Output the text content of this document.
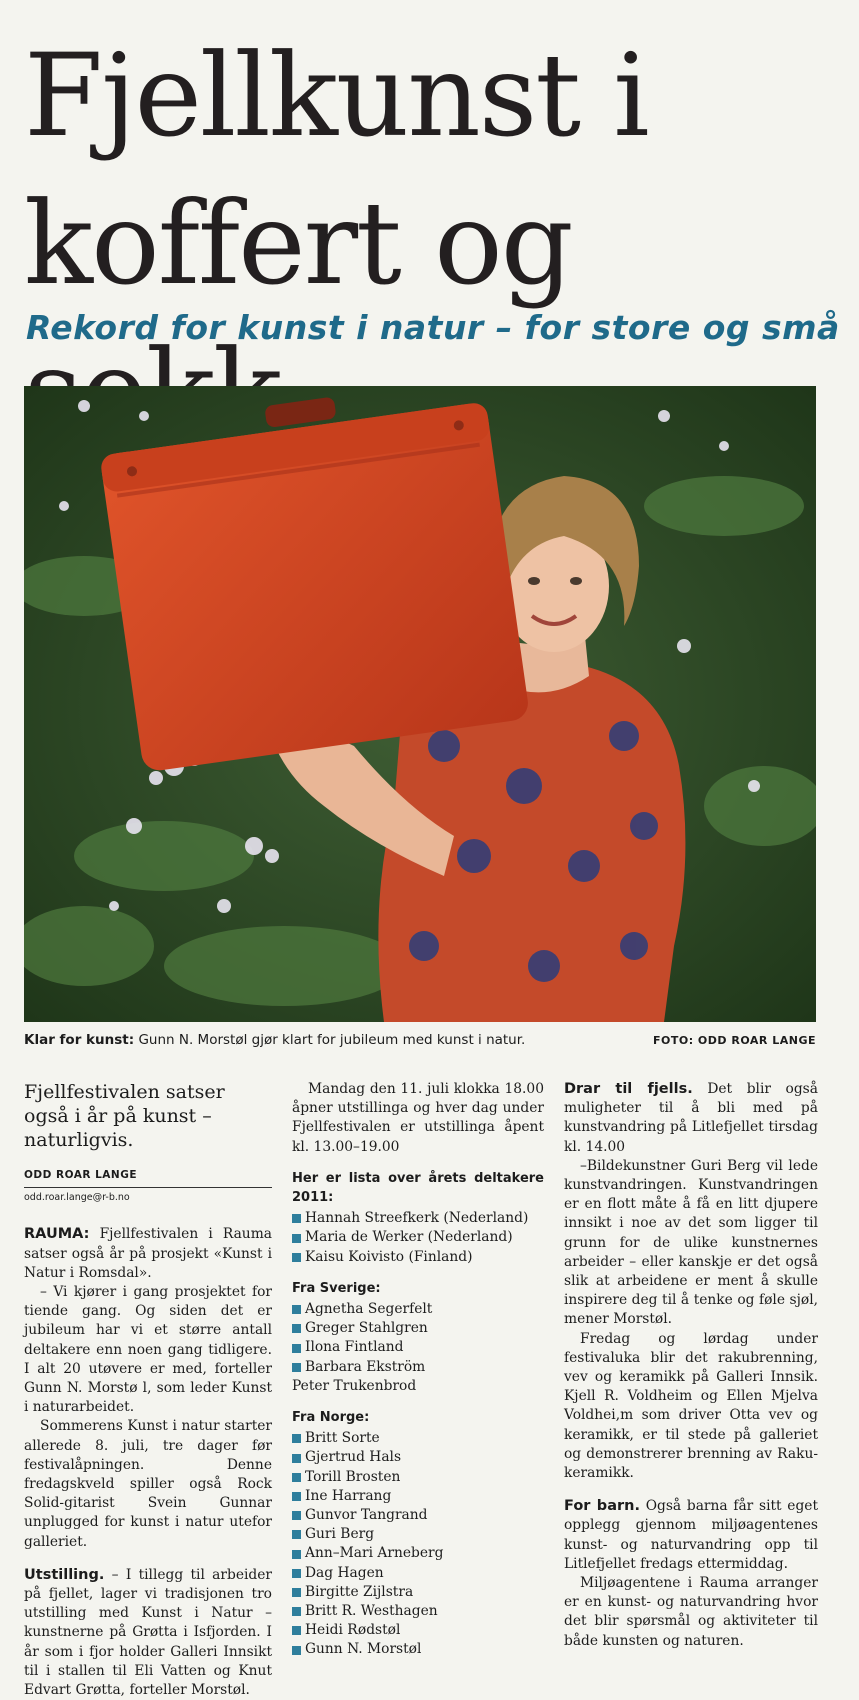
Fjellkunst i
koffert og
Rekord for kunst i natur – for store og små
Klar for kunst: Gunn N. Morstøl gjør klart for jubileum med kunst i natur.	FOTO: ODD ROAR LANGE

Fjellfestivalen satser også i år på kunst – naturligvis.

ODD ROAR LANGE

odd.roar.lange@r-b.no

RAUMA: Fjellfestivalen i Rauma satser også år på prosjekt «Kunst i Natur i Romsdal».

– Vi kjører i gang prosjektet for tiende gang. Og siden det er jubileum har vi et større antall deltakere enn noen gang tidligere. I alt 20 utøvere er med, forteller Gunn N. Morstø l, som leder Kunst i naturarbeidet.

Sommerens Kunst i natur starter allerede 8. juli, tre dager før festivalåpningen. Denne fredagskveld spiller også Rock Solid-gitarist Svein Gunnar unplugged for kunst i natur utefor galleriet.

Utstilling. – I tillegg til arbeider på fjellet, lager vi tradisjonen tro utstilling med Kunst i Natur – kunstnerne på Grøtta i Isfjorden. I år som i fjor holder Galleri Innsikt til i stallen til Eli Vatten og Knut Edvart Grøtta, forteller Morstøl.

Mandag den 11. juli klokka 18.00 åpner utstillinga og hver dag under Fjellfestivalen er utstillinga åpent kl. 13.00–19.00

Her er lista over årets deltakere 2011:

Hannah Streefkerk (Nederland)
Maria de Werker (Nederland)
Kaisu Koivisto (Finland)

Fra Sverige:

Agnetha Segerfelt
Greger Stahlgren
Ilona Fintland
Barbara Ekström
Peter Trukenbrod

Fra Norge:

Britt Sorte
Gjertrud Hals
Torill Brosten
Ine Harrang
Gunvor Tangrand
Guri Berg
Ann–Mari Arneberg
Dag Hagen
Birgitte Zijlstra
Britt R. Westhagen
Heidi Rødstøl
Gunn N. Morstøl

Drar til fjells. Det blir også muligheter til å bli med på kunstvandring på Litlefjellet tirsdag kl. 14.00

–Bildekunstner Guri Berg vil lede kunstvandringen. Kunstvandringen er en flott måte å få en litt djupere innsikt i noe av det som ligger til grunn for de ulike kunstnernes arbeider – eller kanskje er det også slik at arbeidene er ment å skulle inspirere deg til å tenke og føle sjøl, mener Morstøl.

Fredag og lørdag under festivaluka blir det rakubrenning, vev og keramikk på Galleri Innsik. Kjell R. Voldheim og Ellen Mjelva Voldhei,m som driver Otta vev og keramikk, er til stede på galleriet og demonstrerer brenning av Raku-keramikk.

For barn. Også barna får sitt eget opplegg gjennom miljøagentenes kunst- og naturvandring opp til Litlefjellet fredags ettermiddag.

Miljøagentene i Rauma arranger er en kunst- og naturvandring hvor det blir spørsmål og aktiviteter til både kunsten og naturen.
